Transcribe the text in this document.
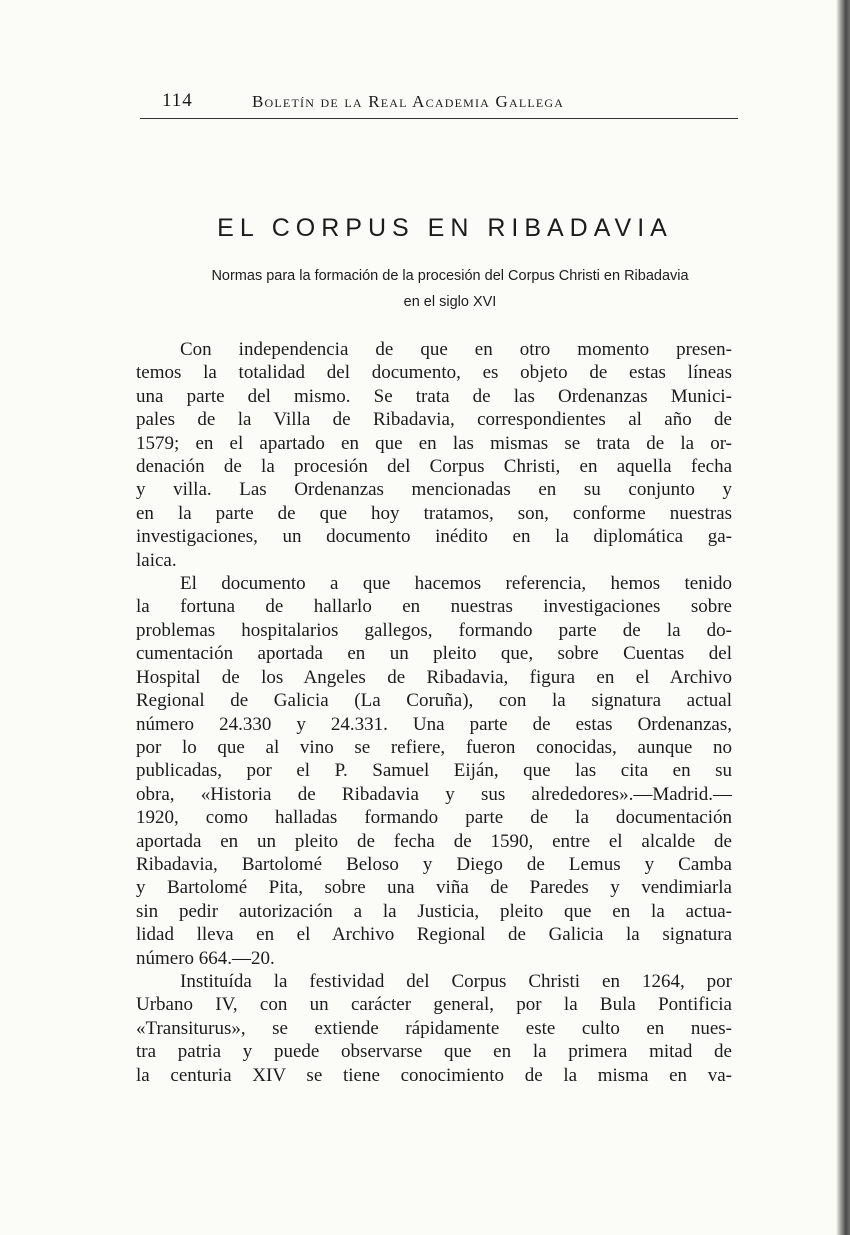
114	Boletín de la Real Academia Gallega
EL CORPUS EN RIBADAVIA
Normas para la formación de la procesión del Corpus Christi en Ribadavia
en el siglo XVI

Con independencia de que en otro momento presen-
temos la totalidad del documento, es objeto de estas líneas
una parte del mismo. Se trata de las Ordenanzas Munici-
pales de la Villa de Ribadavia, correspondientes al año de
1579; en el apartado en que en las mismas se trata de la or-
denación de la procesión del Corpus Christi, en aquella fecha
y villa. Las Ordenanzas mencionadas en su conjunto y
en la parte de que hoy tratamos, son, conforme nuestras
investigaciones, un documento inédito en la diplomática ga-
laica.

El documento a que hacemos referencia, hemos tenido
la fortuna de hallarlo en nuestras investigaciones sobre
problemas hospitalarios gallegos, formando parte de la do-
cumentación aportada en un pleito que, sobre Cuentas del
Hospital de los Angeles de Ribadavia, figura en el Archivo
Regional de Galicia (La Coruña), con la signatura actual
número 24.330 y 24.331. Una parte de estas Ordenanzas,
por lo que al vino se refiere, fueron conocidas, aunque no
publicadas, por el P. Samuel Eiján, que las cita en su
obra, «Historia de Ribadavia y sus alrededores».—Madrid.—
1920, como halladas formando parte de la documentación
aportada en un pleito de fecha de 1590, entre el alcalde de
Ribadavia, Bartolomé Beloso y Diego de Lemus y Camba
y Bartolomé Pita, sobre una viña de Paredes y vendimiarla
sin pedir autorización a la Justicia, pleito que en la actua-
lidad lleva en el Archivo Regional de Galicia la signatura
número 664.—20.

Instituída la festividad del Corpus Christi en 1264, por
Urbano IV, con un carácter general, por la Bula Pontificia
«Transiturus», se extiende rápidamente este culto en nues-
tra patria y puede observarse que en la primera mitad de
la centuria XIV se tiene conocimiento de la misma en va-
